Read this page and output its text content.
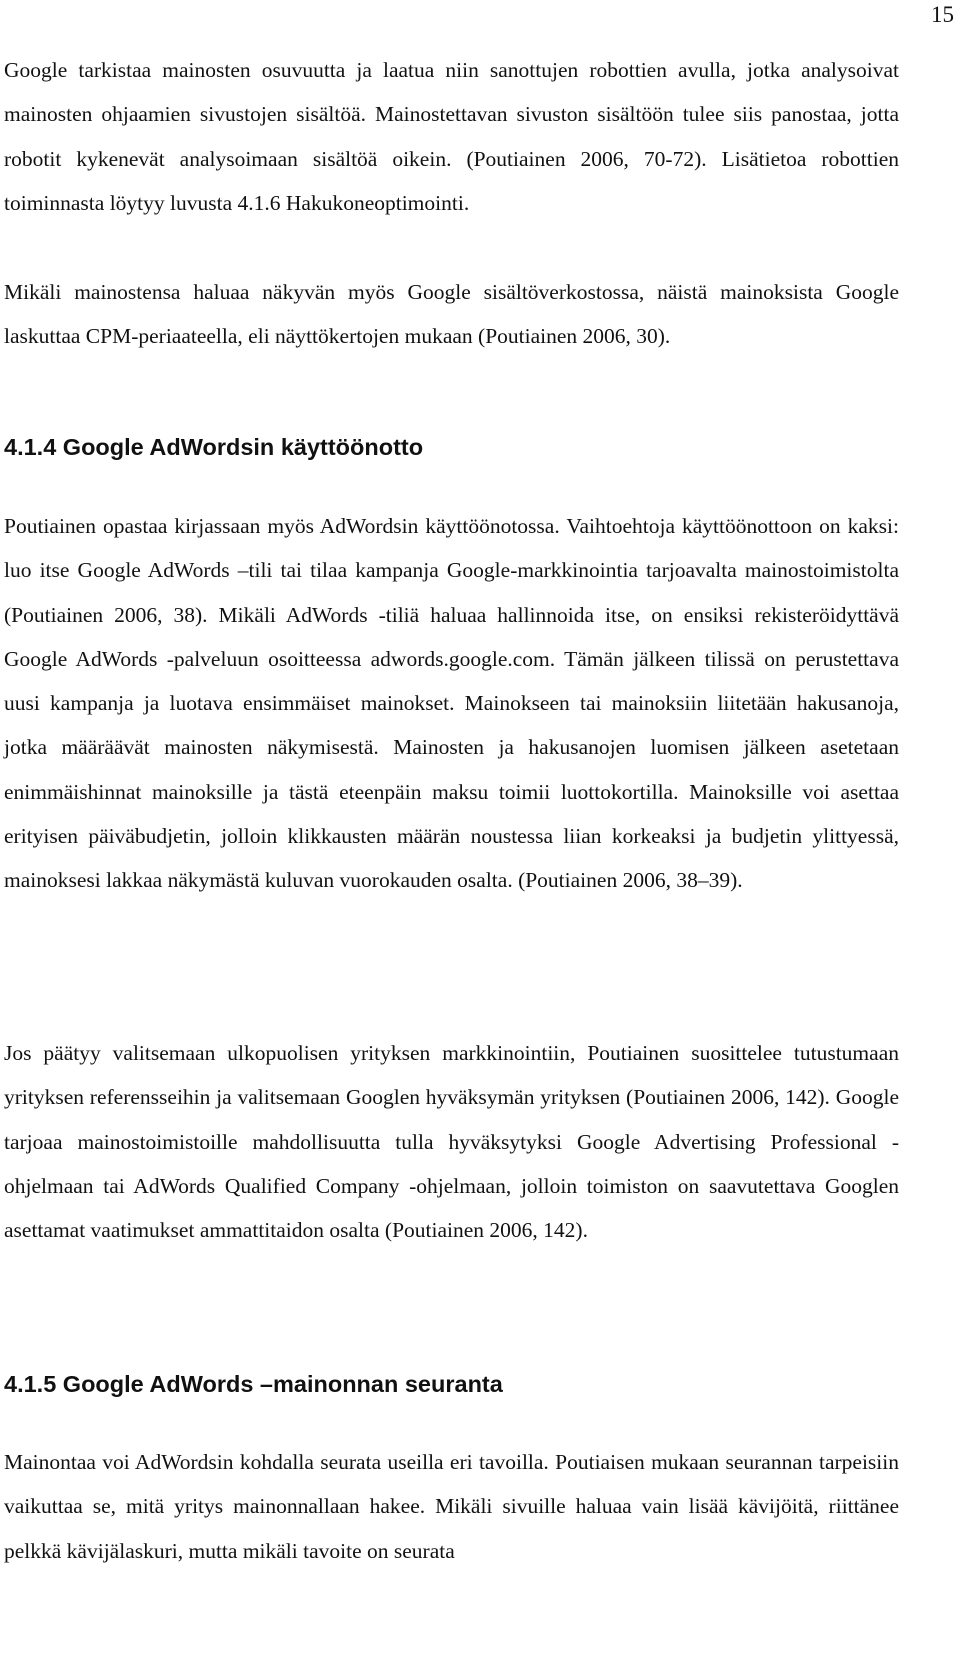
15

Google tarkistaa mainosten osuvuutta ja laatua niin sanottujen robottien avulla, jotka analysoivat mainosten ohjaamien sivustojen sisältöä. Mainostettavan sivuston sisältöön tulee siis panostaa, jotta robotit kykenevät analysoimaan sisältöä oikein. (Poutiainen 2006, 70-72). Lisätietoa robottien toiminnasta löytyy luvusta 4.1.6 Hakukoneoptimointi.

Mikäli mainostensa haluaa näkyvän myös Google sisältöverkostossa, näistä mainoksista Google laskuttaa CPM-periaateella, eli näyttökertojen mukaan (Poutiainen 2006, 30).

4.1.4 Google AdWordsin käyttöönotto

Poutiainen opastaa kirjassaan myös AdWordsin käyttöönotossa. Vaihtoehtoja käyttöönottoon on kaksi: luo itse Google AdWords –tili tai tilaa kampanja Google-markkinointia tarjoavalta mainostoimistolta (Poutiainen 2006, 38). Mikäli AdWords -tiliä haluaa hallinnoida itse, on ensiksi rekisteröidyttävä Google AdWords -palveluun osoitteessa adwords.google.com. Tämän jälkeen tilissä on perustettava uusi kampanja ja luotava ensimmäiset mainokset. Mainokseen tai mainoksiin liitetään hakusanoja, jotka määräävät mainosten näkymisestä. Mainosten ja hakusanojen luomisen jälkeen asetetaan enimmäishinnat mainoksille ja tästä eteenpäin maksu toimii luottokortilla. Mainoksille voi asettaa erityisen päiväbudjetin, jolloin klikkausten määrän noustessa liian korkeaksi ja budjetin ylittyessä, mainoksesi lakkaa näkymästä kuluvan vuorokauden osalta. (Poutiainen 2006, 38–39).

Jos päätyy valitsemaan ulkopuolisen yrityksen markkinointiin, Poutiainen suosittelee tutustumaan yrityksen referensseihin ja valitsemaan Googlen hyväksymän yrityksen (Poutiainen 2006, 142). Google tarjoaa mainostoimistoille mahdollisuutta tulla hyväksytyksi Google Advertising Professional -ohjelmaan tai AdWords Qualified Company -ohjelmaan, jolloin toimiston on saavutettava Googlen asettamat vaatimukset ammattitaidon osalta (Poutiainen 2006, 142).

4.1.5 Google AdWords –mainonnan seuranta

Mainontaa voi AdWordsin kohdalla seurata useilla eri tavoilla. Poutiaisen mukaan seurannan tarpeisiin vaikuttaa se, mitä yritys mainonnallaan hakee. Mikäli sivuille haluaa vain lisää kävijöitä, riittänee pelkkä kävijälaskuri, mutta mikäli tavoite on seurata
